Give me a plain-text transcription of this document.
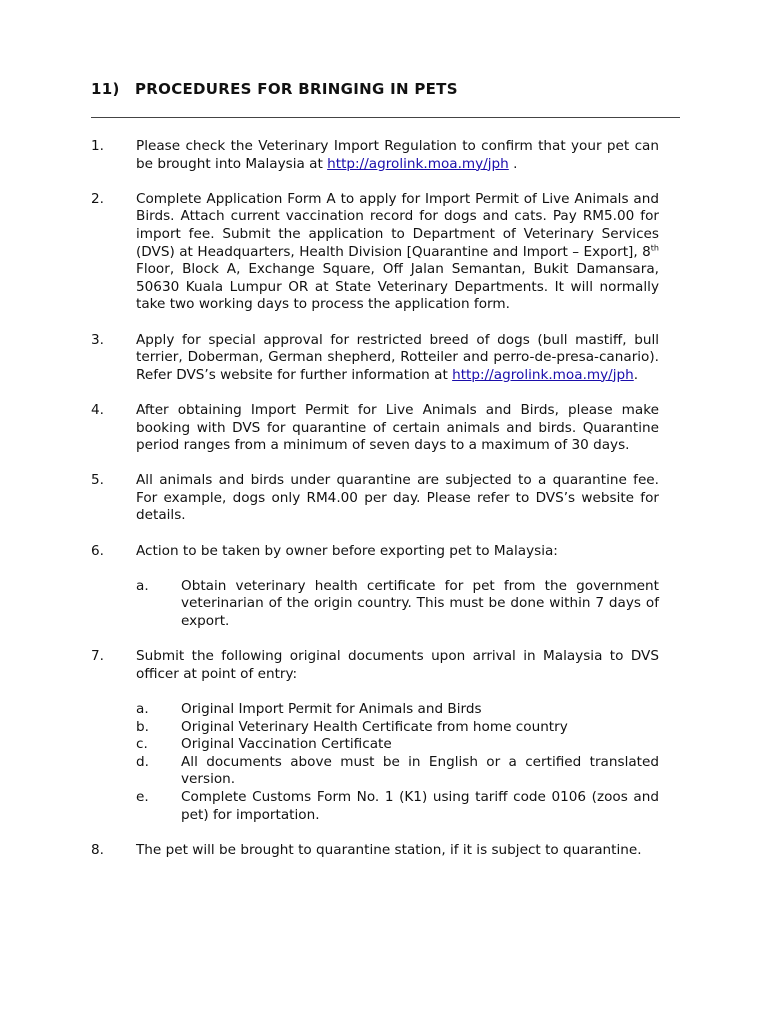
11) PROCEDURES FOR BRINGING IN PETS
1.	Please check the Veterinary Import Regulation to confirm that your pet can be brought into Malaysia at http://agrolink.moa.my/jph .
2.	Complete Application Form A to apply for Import Permit of Live Animals and Birds. Attach current vaccination record for dogs and cats. Pay RM5.00 for import fee. Submit the application to Department of Veterinary Services (DVS) at Headquarters, Health Division [Quarantine and Import – Export], 8th Floor, Block A, Exchange Square, Off Jalan Semantan, Bukit Damansara, 50630 Kuala Lumpur OR at State Veterinary Departments. It will normally take two working days to process the application form.
3.	Apply for special approval for restricted breed of dogs (bull mastiff, bull terrier, Doberman, German shepherd, Rotteiler and perro-de-presa-canario). Refer DVS’s website for further information at http://agrolink.moa.my/jph.
4.	After obtaining Import Permit for Live Animals and Birds, please make booking with DVS for quarantine of certain animals and birds. Quarantine period ranges from a minimum of seven days to a maximum of 30 days.
5.	All animals and birds under quarantine are subjected to a quarantine fee. For example, dogs only RM4.00 per day. Please refer to DVS’s website for details.
6.	Action to be taken by owner before exporting pet to Malaysia:
a.	Obtain veterinary health certificate for pet from the government veterinarian of the origin country. This must be done within 7 days of export.
7.	Submit the following original documents upon arrival in Malaysia to DVS officer at point of entry:
a.	Original Import Permit for Animals and Birds
b.	Original Veterinary Health Certificate from home country
c.	Original Vaccination Certificate
d.	All documents above must be in English or a certified translated version.
e.	Complete Customs Form No. 1 (K1) using tariff code 0106 (zoos and pet) for importation.
8.	The pet will be brought to quarantine station, if it is subject to quarantine.
